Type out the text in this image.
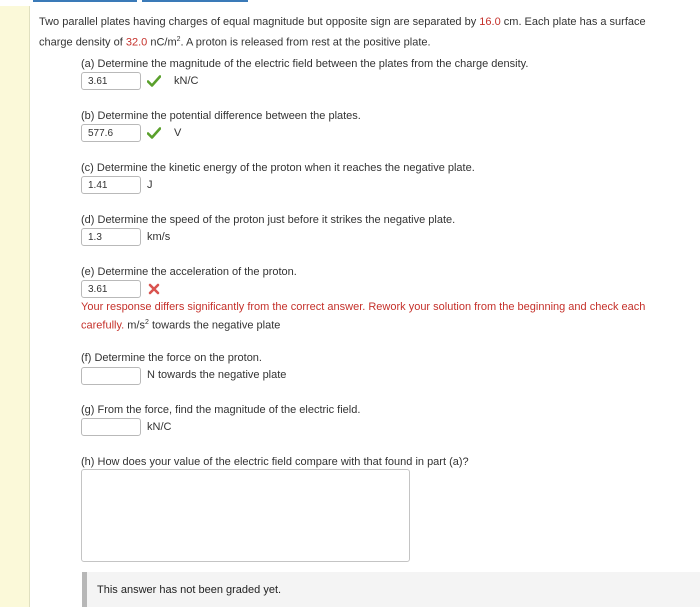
Two parallel plates having charges of equal magnitude but opposite sign are separated by 16.0 cm. Each plate has a surface
charge density of 32.0 $nC/m^2$. A proton is released from rest at the positive plate.
(a) Determine the magnitude of the electric field between the plates from the charge density.
3.61	kN/C
(b) Determine the potential difference between the plates.
577.6	V
(c) Determine the kinetic energy of the proton when it reaches the negative plate.
1.41	J
(d) Determine the speed of the proton just before it strikes the negative plate.
1.3	km/s
(e) Determine the acceleration of the proton.
3.61
Your response differs significantly from the correct answer. Rework your solution from the beginning and check each
carefully. $m/s^2$ towards the negative plate
(f) Determine the force on the proton.
N towards the negative plate
(g) From the force, find the magnitude of the electric field.
kN/C
(h) How does your value of the electric field compare with that found in part (a)?
This answer has not been graded yet.
